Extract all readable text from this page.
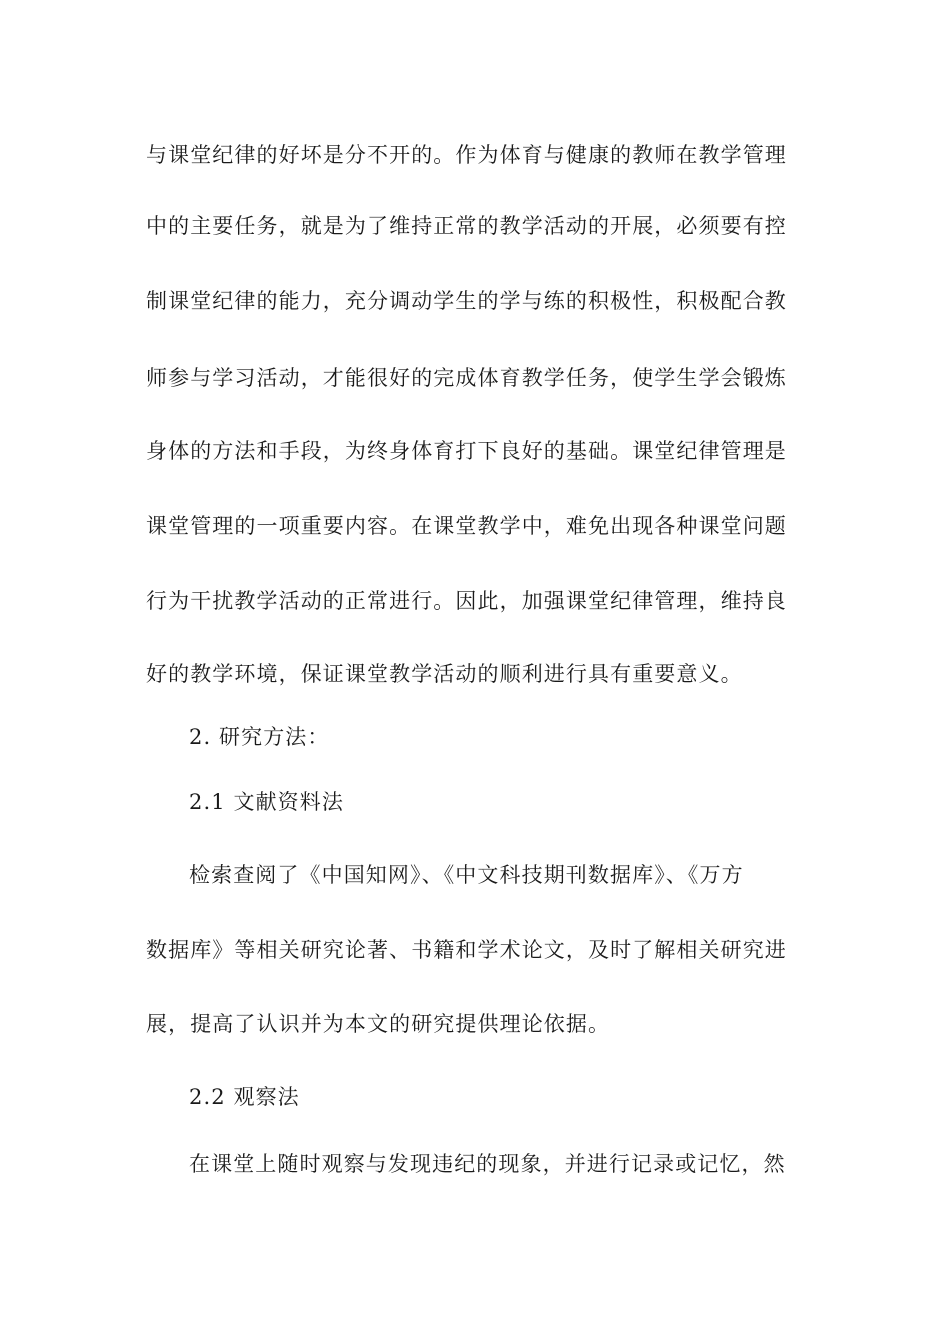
与课堂纪律的好坏是分不开的。作为体育与健康的教师在教学管理
中的主要任务，就是为了维持正常的教学活动的开展，必须要有控
制课堂纪律的能力，充分调动学生的学与练的积极性，积极配合教
师参与学习活动，才能很好的完成体育教学任务，使学生学会锻炼
身体的方法和手段，为终身体育打下良好的基础。课堂纪律管理是
课堂管理的一项重要内容。在课堂教学中，难免出现各种课堂问题
行为干扰教学活动的正常进行。因此，加强课堂纪律管理，维持良
好的教学环境，保证课堂教学活动的顺利进行具有重要意义。
2. 研究方法：
2.1 文献资料法
检索查阅了《中国知网》、《中文科技期刊数据库》、《万方
数据库》等相关研究论著、书籍和学术论文，及时了解相关研究进
展，提高了认识并为本文的研究提供理论依据。
2.2 观察法
在课堂上随时观察与发现违纪的现象，并进行记录或记忆，然
